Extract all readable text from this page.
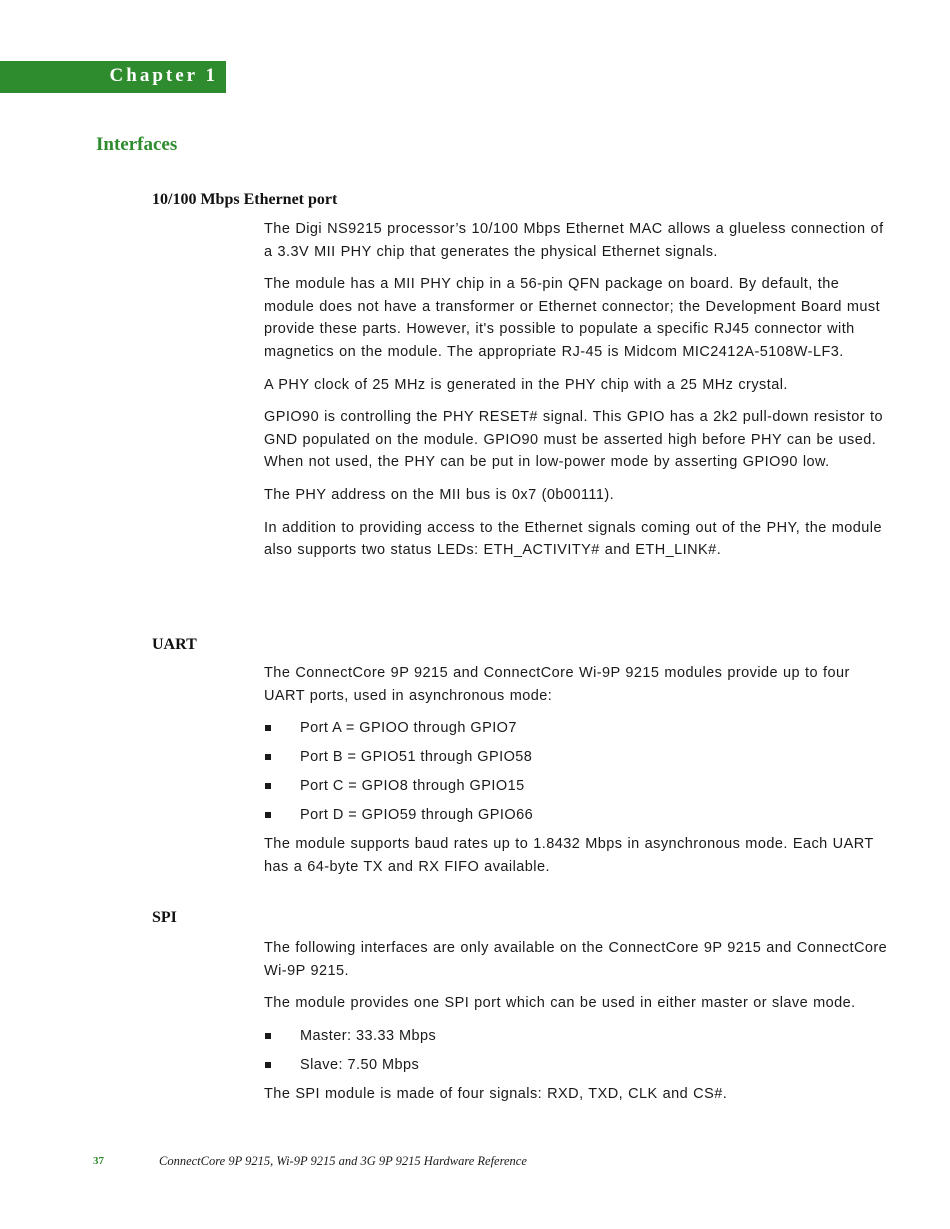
Chapter 1
Interfaces
10/100 Mbps Ethernet port

The Digi NS9215 processor’s 10/100 Mbps Ethernet MAC allows a glueless connection of a 3.3V MII PHY chip that generates the physical Ethernet signals.

The module has a MII PHY chip in a 56-pin QFN package on board. By default, the module does not have a transformer or Ethernet connector; the Development Board must provide these parts. However, it's possible to populate a specific RJ45 connector with magnetics on the module. The appropriate RJ-45 is Midcom MIC2412A-5108W-LF3.

A PHY clock of 25 MHz is generated in the PHY chip with a 25 MHz crystal.

GPIO90 is controlling the PHY RESET# signal. This GPIO has a 2k2 pull-down resistor to GND populated on the module. GPIO90 must be asserted high before PHY can be used. When not used, the PHY can be put in low-power mode by asserting GPIO90 low.

The PHY address on the MII bus is 0x7 (0b00111).

In addition to providing access to the Ethernet signals coming out of the PHY, the module also supports two status LEDs: ETH_ACTIVITY# and ETH_LINK#.

UART

The ConnectCore 9P 9215 and ConnectCore Wi-9P 9215 modules provide up to four UART ports, used in asynchronous mode:

Port A = GPIOO through GPIO7
Port B = GPIO51 through GPIO58
Port C = GPIO8 through GPIO15
Port D = GPIO59 through GPIO66

The module supports baud rates up to 1.8432 Mbps in asynchronous mode. Each UART has a 64-byte TX and RX FIFO available.

SPI

The following interfaces are only available on the ConnectCore 9P 9215 and ConnectCore Wi-9P 9215.

The module provides one SPI port which can be used in either master or slave mode.

Master: 33.33 Mbps
Slave: 7.50 Mbps

The SPI module is made of four signals: RXD, TXD, CLK and CS#.

37	ConnectCore 9P 9215, Wi-9P 9215 and 3G 9P 9215 Hardware Reference
